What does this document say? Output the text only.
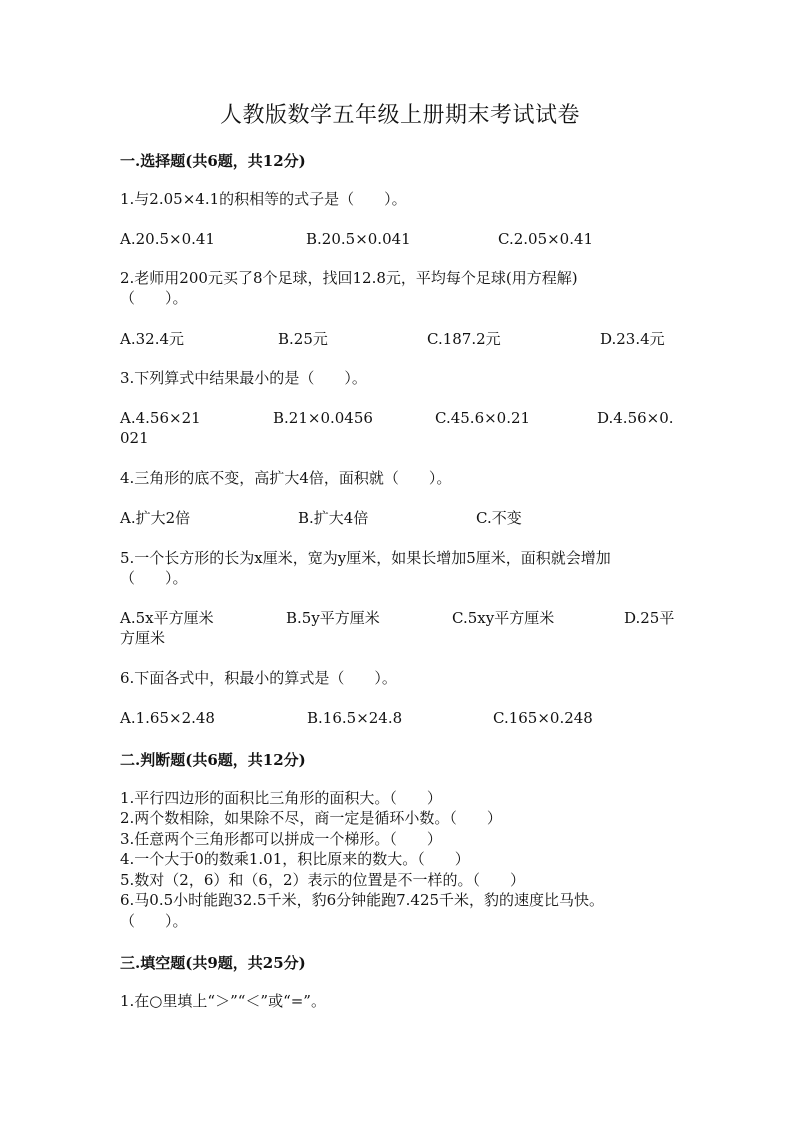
人教版数学五年级上册期末考试试卷
一.选择题(共6题，共12分)
1.与2.05×4.1的积相等的式子是（　　）。
A.20.5×0.41	B.20.5×0.041	C.2.05×0.41
2.老师用200元买了8个足球，找回12.8元，平均每个足球(用方程解)
（　　）。
A.32.4元	B.25元	C.187.2元	D.23.4元
3.下列算式中结果最小的是（　　）。
A.4.56×21	B.21×0.0456	C.45.6×0.21	D.4.56×0.
021
4.三角形的底不变，高扩大4倍，面积就（　　）。
A.扩大2倍	B.扩大4倍	C.不变
5.一个长方形的长为x厘米，宽为y厘米，如果长增加5厘米，面积就会增加
（　　）。
A.5x平方厘米	B.5y平方厘米	C.5xy平方厘米	D.25平
方厘米
6.下面各式中，积最小的算式是（　　）。
A.1.65×2.48	B.16.5×24.8	C.165×0.248
二.判断题(共6题，共12分)
1.平行四边形的面积比三角形的面积大。（　　）
2.两个数相除，如果除不尽，商一定是循环小数。（　　）
3.任意两个三角形都可以拼成一个梯形。（　　）
4.一个大于0的数乘1.01，积比原来的数大。（　　）
5.数对（2，6）和（6，2）表示的位置是不一样的。（　　）
6.马0.5小时能跑32.5千米，豹6分钟能跑7.425千米，豹的速度比马快。
（　　）。
三.填空题(共9题，共25分)
1.在○里填上“＞”“＜”或“=”。
